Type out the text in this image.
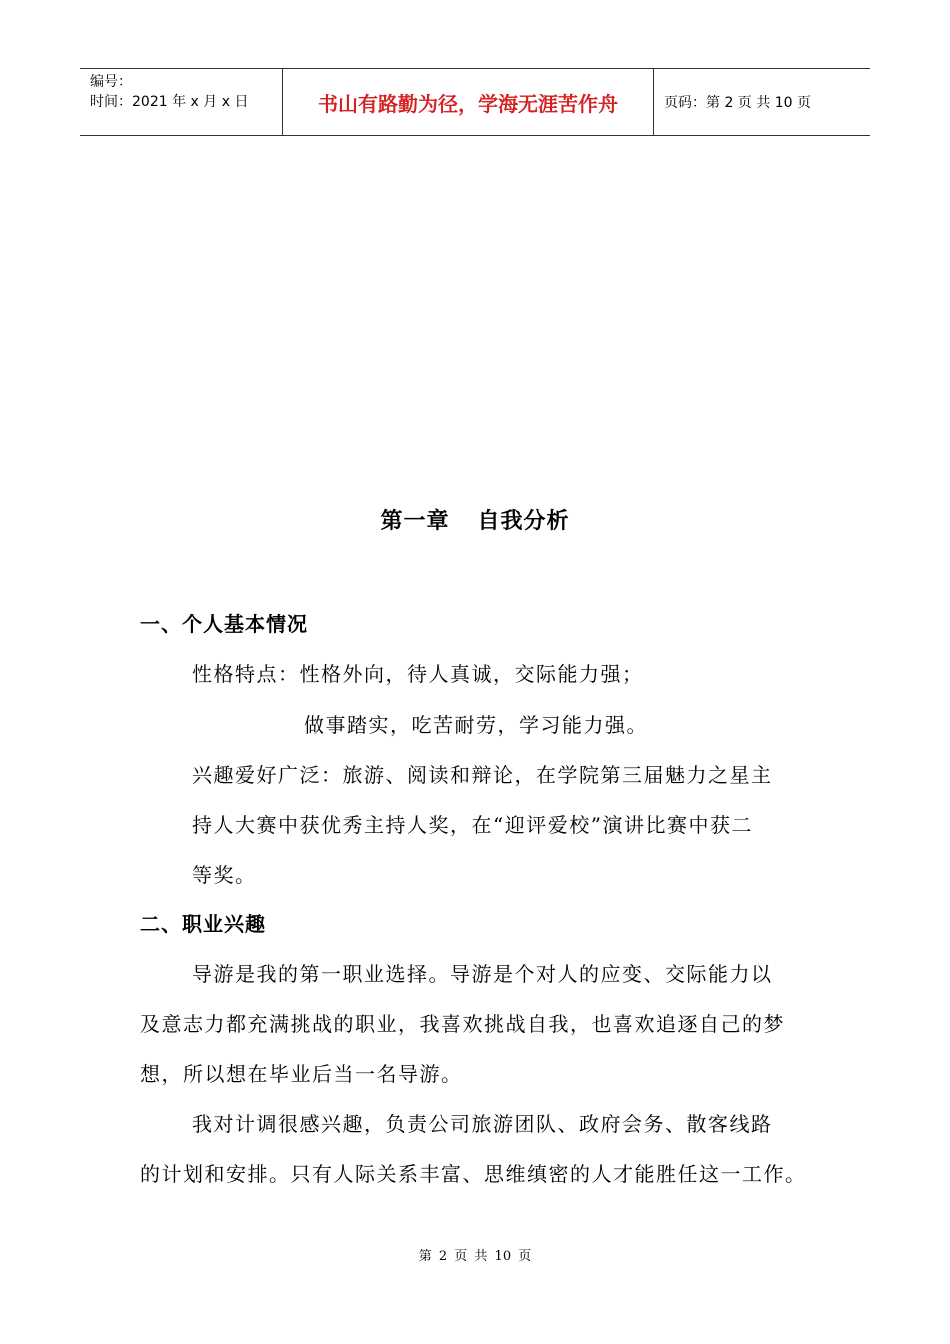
编号：
时间：2021 年 x 月 x 日	书山有路勤为径，学海无涯苦作舟	页码：第 2 页 共 10 页
第一章 自我分析
一、个人基本情况
性格特点：性格外向，待人真诚，交际能力强；
做事踏实，吃苦耐劳，学习能力强。
兴趣爱好广泛：旅游、阅读和辩论，在学院第三届魅力之星主
持人大赛中获优秀主持人奖，在“迎评爱校”演讲比赛中获二
等奖。
二、职业兴趣
导游是我的第一职业选择。导游是个对人的应变、交际能力以
及意志力都充满挑战的职业，我喜欢挑战自我，也喜欢追逐自己的梦
想，所以想在毕业后当一名导游。
我对计调很感兴趣，负责公司旅游团队、政府会务、散客线路
的计划和安排。只有人际关系丰富、思维缜密的人才能胜任这一工作。
第 2 页 共 10 页
